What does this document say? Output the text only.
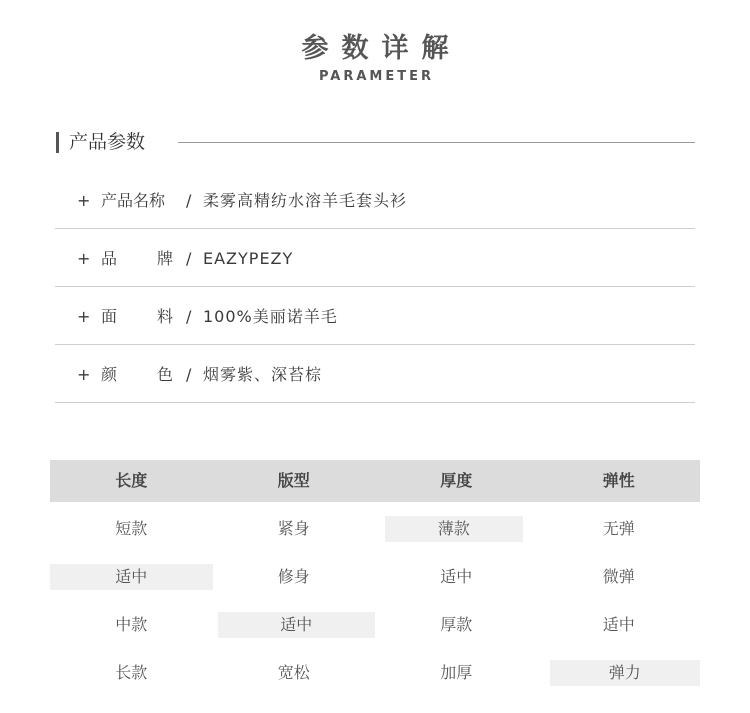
参数详解
PARAMETER
产品参数
+ 产品名称 / 柔雾高精纺水溶羊毛套头衫
+ 品 牌 / EAZYPEZY
+ 面 料 / 100%美丽诺羊毛
+ 颜 色 / 烟雾紫、深苔棕
长度	版型	厚度	弹性
短款	紧身	薄款	无弹
适中	修身	适中	微弹
中款	适中	厚款	适中
长款	宽松	加厚	弹力
